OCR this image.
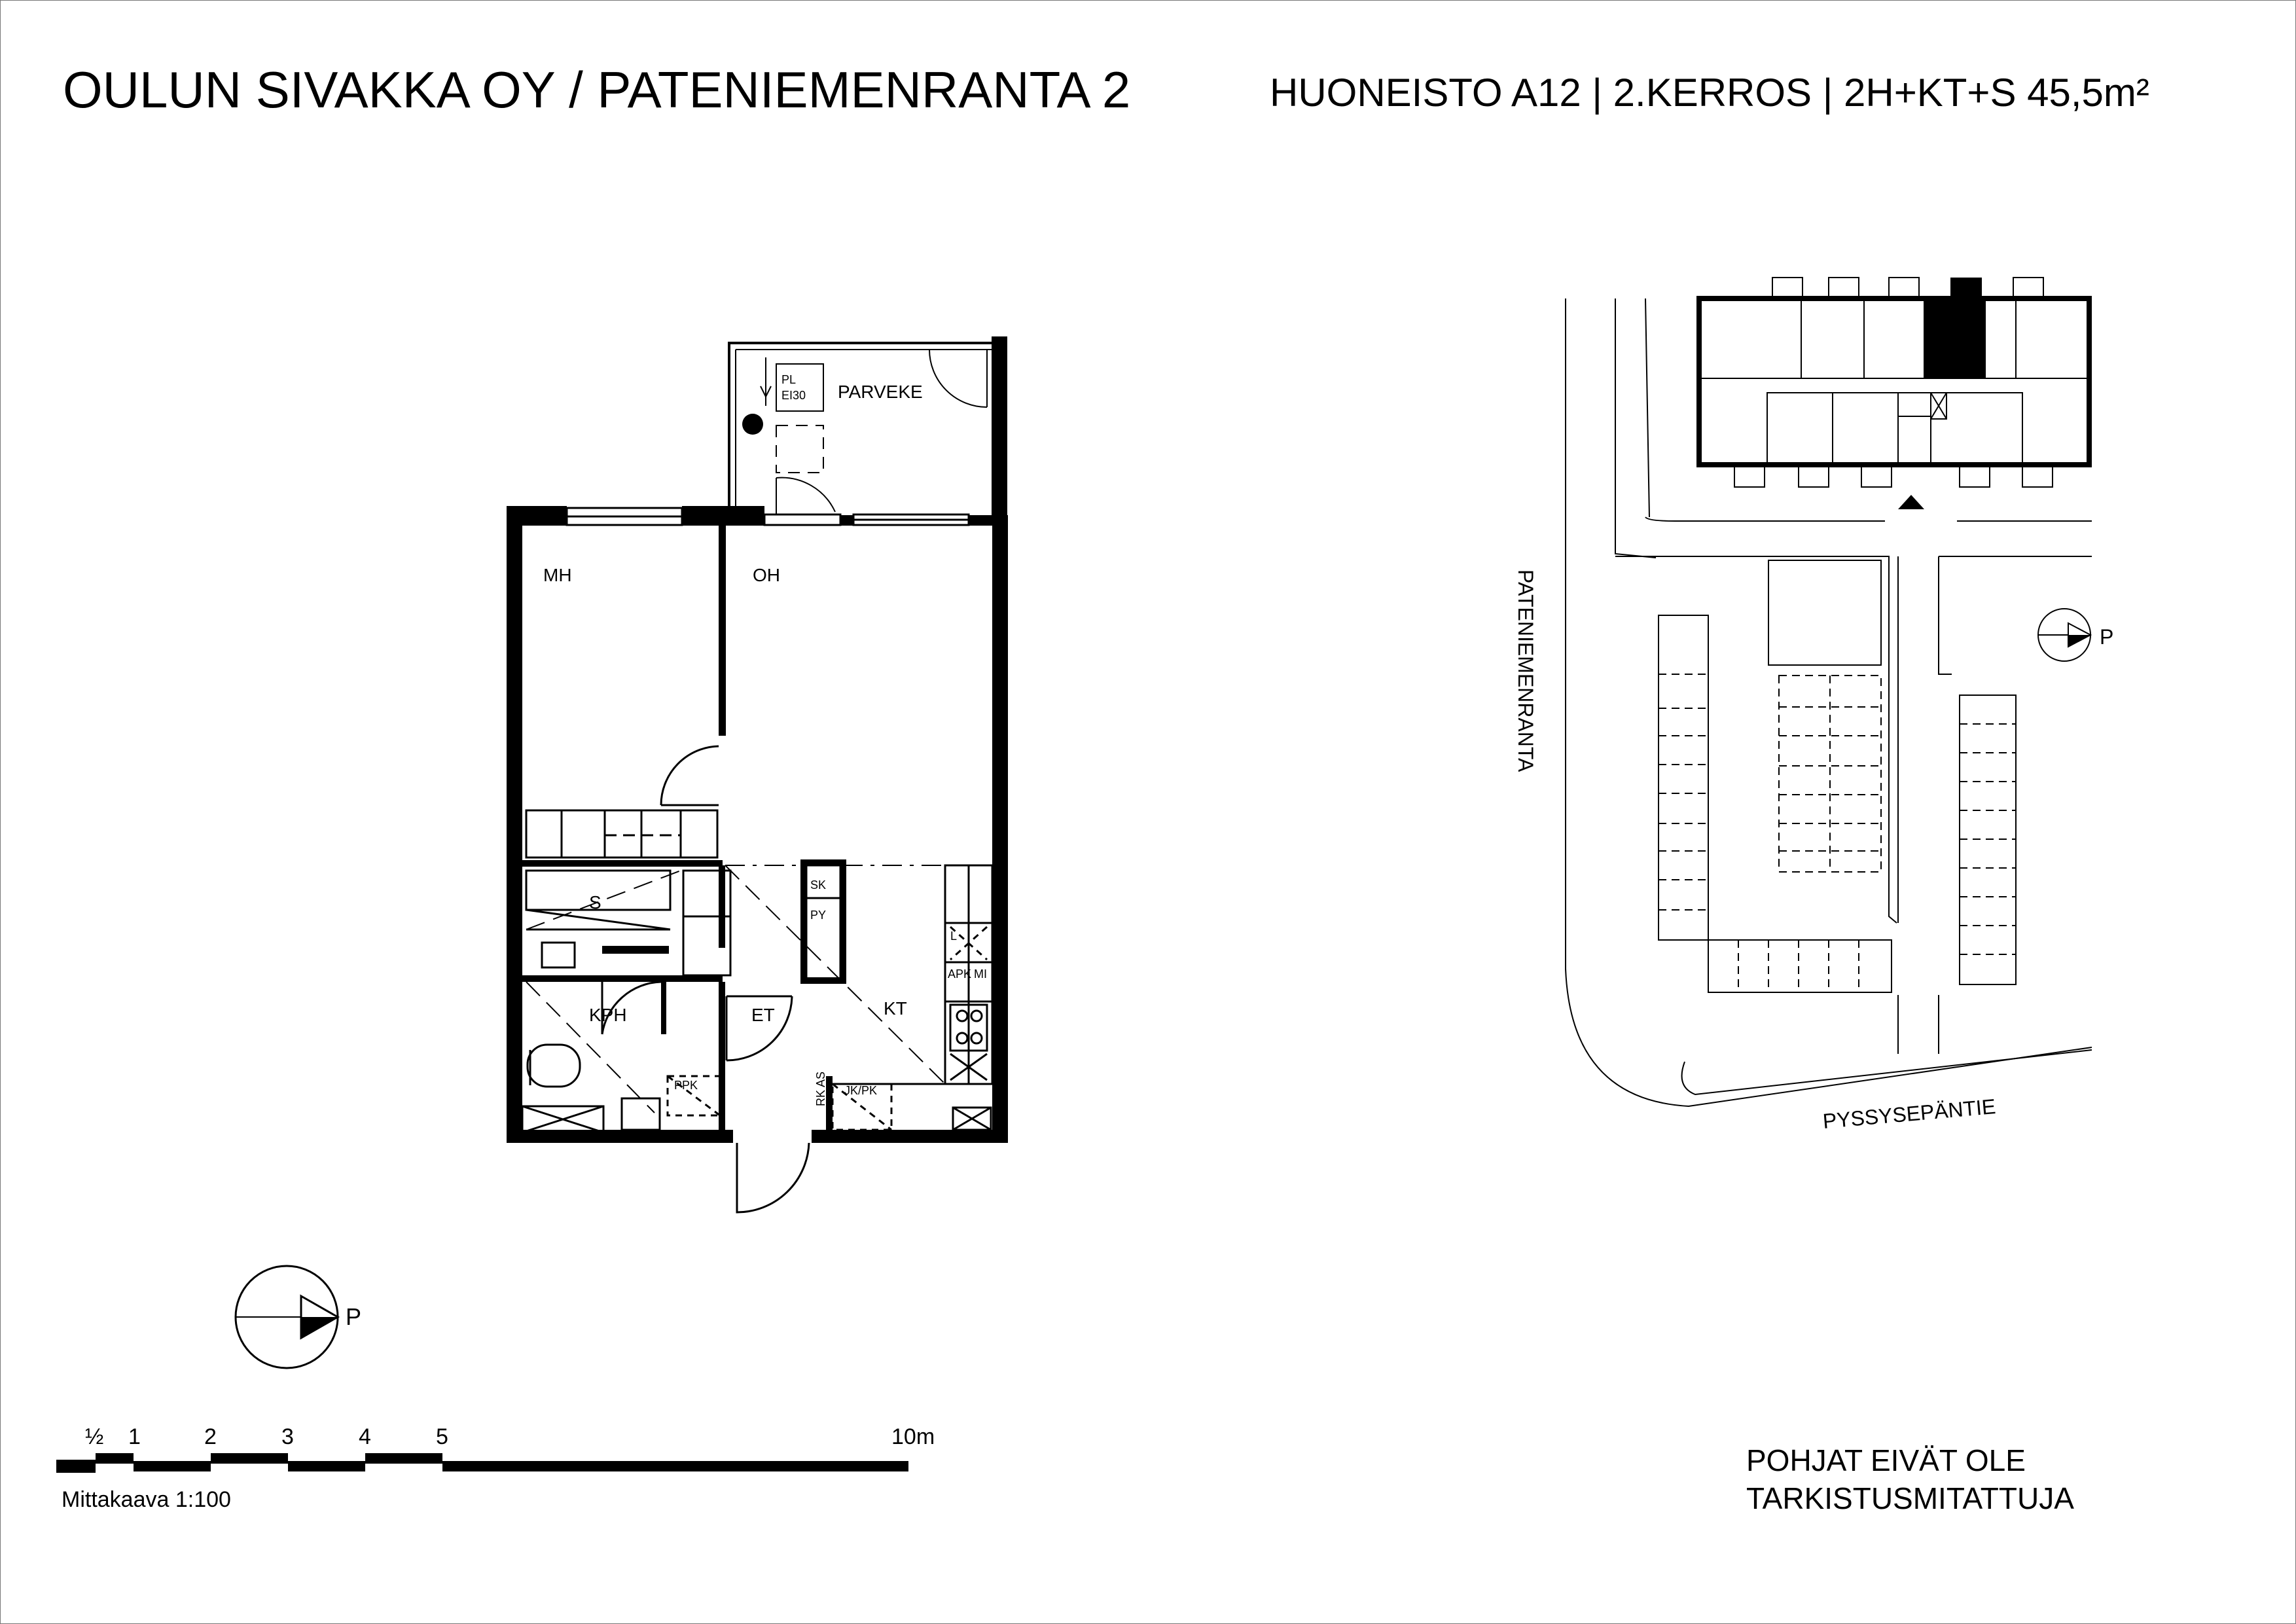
OULUN SIVAKKA OY / PATENIEMENRANTA 2	HUONEISTO A12 | 2.KERROS | 2H+KT+S 45,5m²
PARVEKE
MH	OH
S
KPH	ET	KT
PL
EI30
SK
PY
L
APK MI
PPK	JK/PK
RK AS
P
½ 1	2	3	4	5	10m
P
PATENIEMENRANTA
PYSSYSEPÄNTIE
Mittakaava 1:100
POHJAT EIVÄT OLE
TARKISTUSMITATTUJA
